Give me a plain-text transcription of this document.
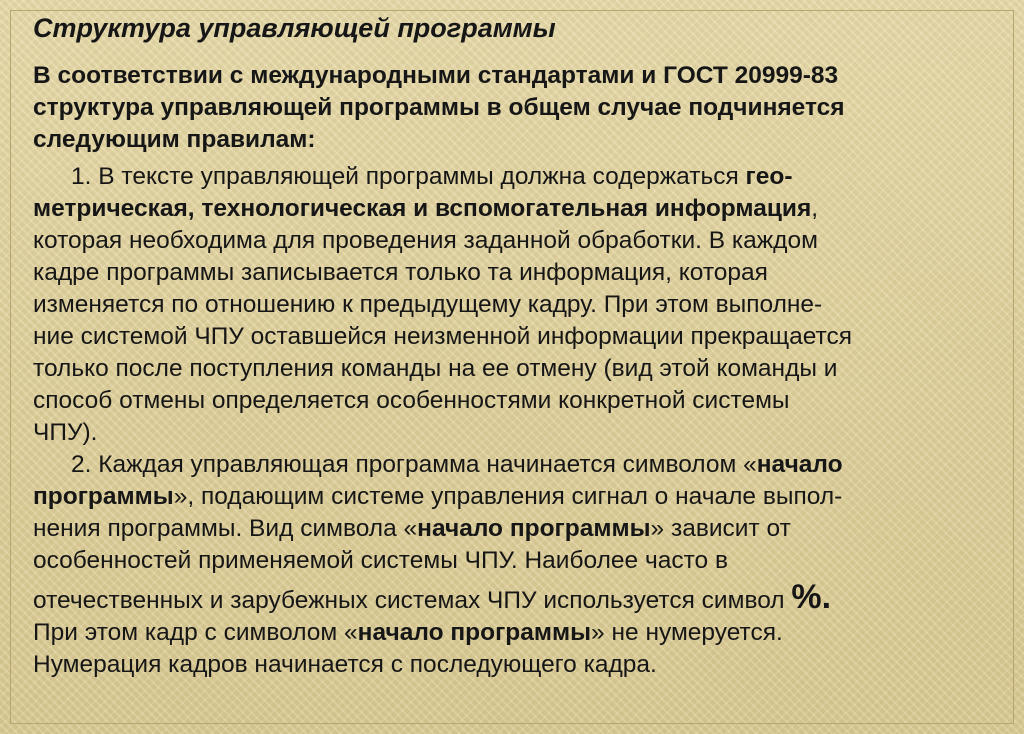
Структура управляющей программы
В соответствии с международными стандартами и ГОСТ 20999-83
структура управляющей программы в общем случае подчиняется
следующим правилам:
1. В тексте управляющей программы должна содержаться гео-
метрическая, технологическая и вспомогательная информация,
которая необходима для проведения заданной обработки. В каждом
кадре программы записывается только та информация, которая
изменяется по отношению к предыдущему кадру. При этом выполне-
ние системой ЧПУ оставшейся неизменной информации прекращается
только после поступления команды на ее отмену (вид этой команды и
способ отмены определяется особенностями конкретной системы
ЧПУ).
2. Каждая управляющая программа начинается символом «начало
программы», подающим системе управления сигнал о начале выпол-
нения программы. Вид символа «начало программы» зависит от
особенностей применяемой системы ЧПУ. Наиболее часто в
отечественных и зарубежных системах ЧПУ используется символ %.
При этом кадр с символом «начало программы» не нумеруется.
Нумерация кадров начинается с последующего кадра.
